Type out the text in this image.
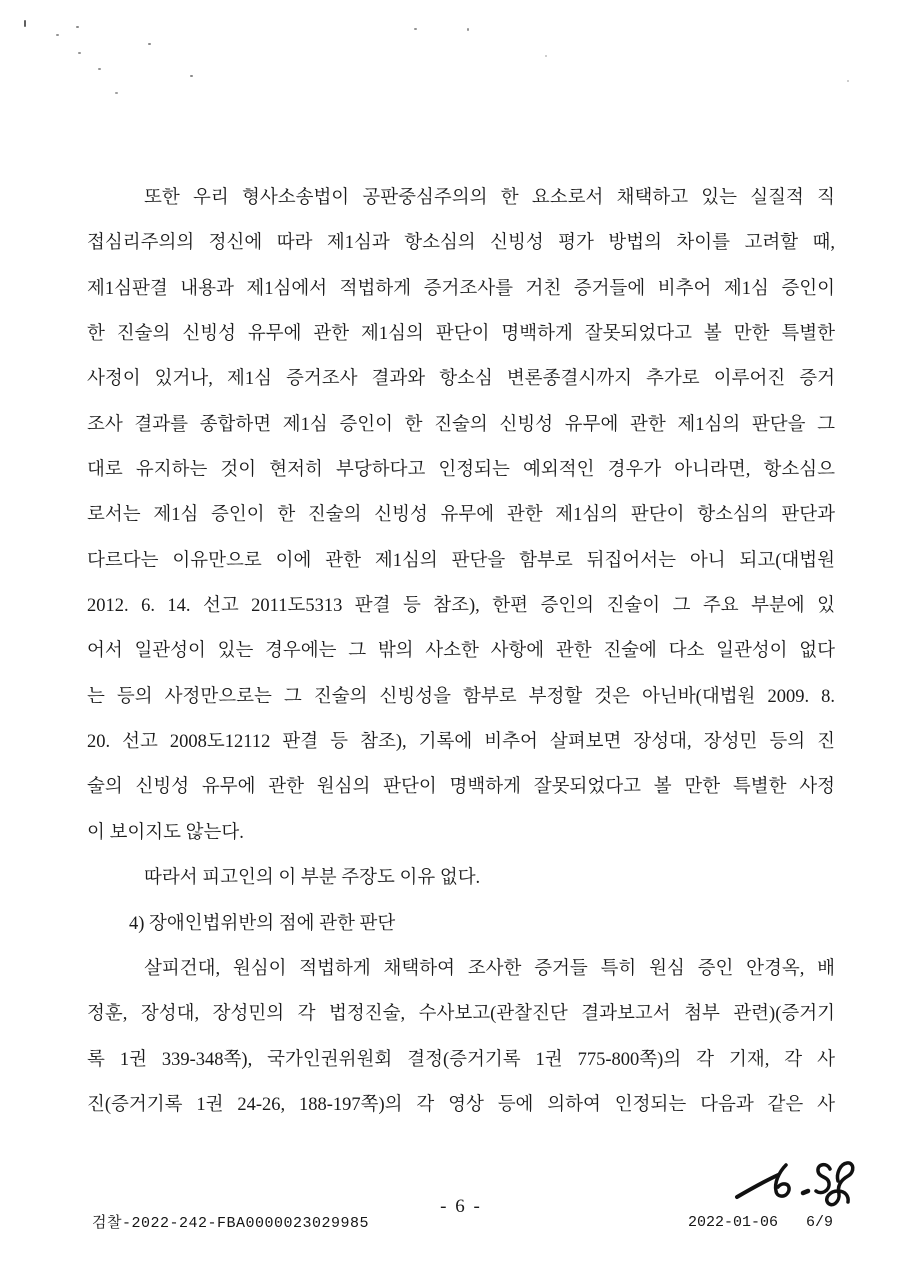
또한 우리 형사소송법이 공판중심주의의 한 요소로서 채택하고 있는 실질적 직
접심리주의의 정신에 따라 제1심과 항소심의 신빙성 평가 방법의 차이를 고려할 때,
제1심판결 내용과 제1심에서 적법하게 증거조사를 거친 증거들에 비추어 제1심 증인이
한 진술의 신빙성 유무에 관한 제1심의 판단이 명백하게 잘못되었다고 볼 만한 특별한
사정이 있거나, 제1심 증거조사 결과와 항소심 변론종결시까지 추가로 이루어진 증거
조사 결과를 종합하면 제1심 증인이 한 진술의 신빙성 유무에 관한 제1심의 판단을 그
대로 유지하는 것이 현저히 부당하다고 인정되는 예외적인 경우가 아니라면, 항소심으
로서는 제1심 증인이 한 진술의 신빙성 유무에 관한 제1심의 판단이 항소심의 판단과
다르다는 이유만으로 이에 관한 제1심의 판단을 함부로 뒤집어서는 아니 되고(대법원
2012. 6. 14. 선고 2011도5313 판결 등 참조), 한편 증인의 진술이 그 주요 부분에 있
어서 일관성이 있는 경우에는 그 밖의 사소한 사항에 관한 진술에 다소 일관성이 없다
는 등의 사정만으로는 그 진술의 신빙성을 함부로 부정할 것은 아닌바(대법원 2009. 8.
20. 선고 2008도12112 판결 등 참조), 기록에 비추어 살펴보면 장성대, 장성민 등의 진
술의 신빙성 유무에 관한 원심의 판단이 명백하게 잘못되었다고 볼 만한 특별한 사정
이 보이지도 않는다.
따라서 피고인의 이 부분 주장도 이유 없다.
4) 장애인법위반의 점에 관한 판단
살피건대, 원심이 적법하게 채택하여 조사한 증거들 특히 원심 증인 안경옥, 배
정훈, 장성대, 장성민의 각 법정진술, 수사보고(관찰진단 결과보고서 첨부 관련)(증거기
록 1권 339-348쪽), 국가인권위원회 결정(증거기록 1권 775-800쪽)의 각 기재, 각 사
진(증거기록 1권 24-26, 188-197쪽)의 각 영상 등에 의하여 인정되는 다음과 같은 사
검찰-2022-242-FBA0000023029985
- 6 -
2022-01-06 6/9
